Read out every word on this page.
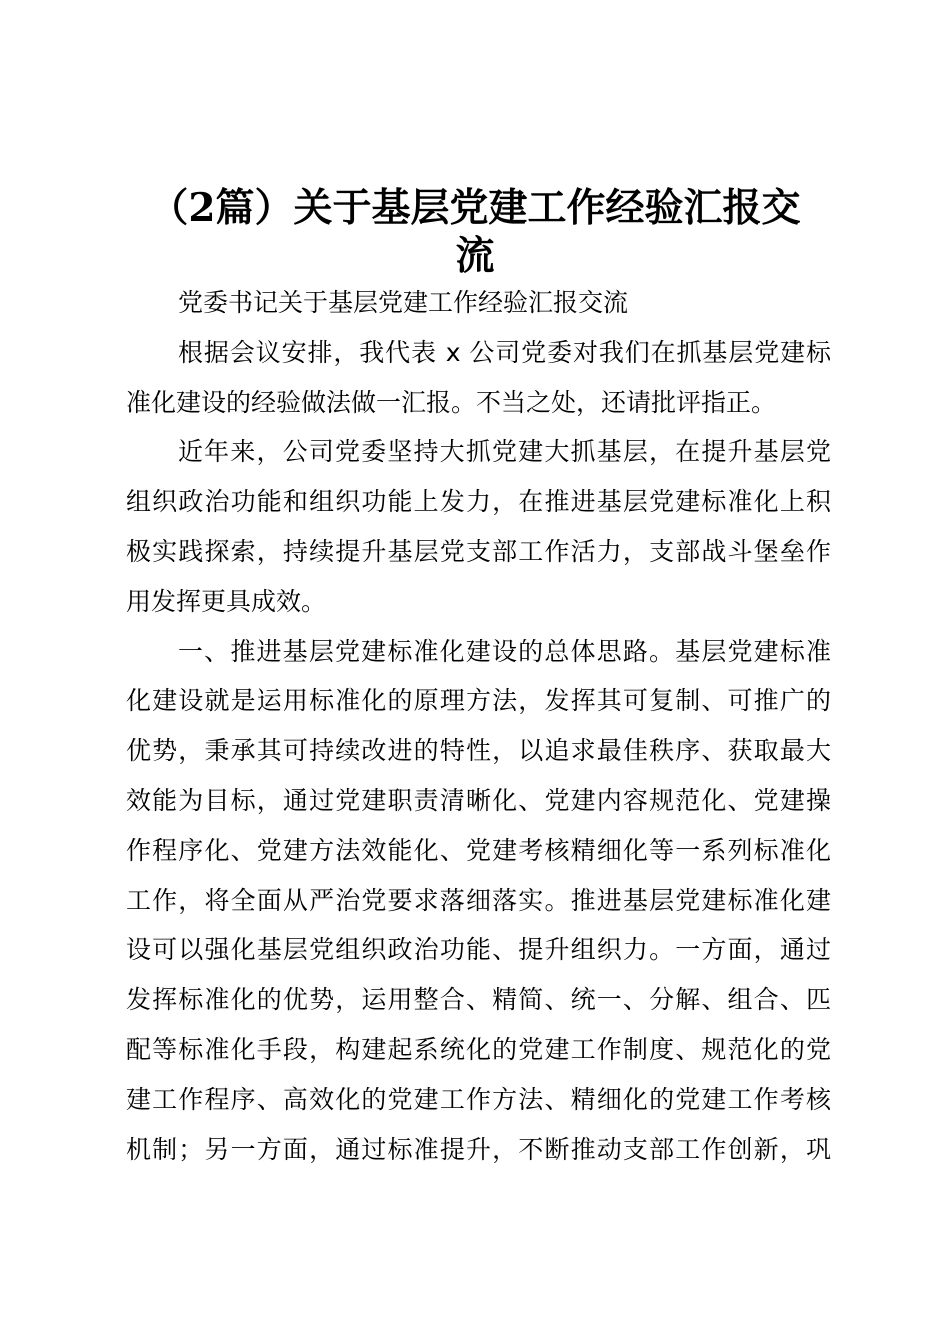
（2篇）关于基层党建工作经验汇报交
流
党委书记关于基层党建工作经验汇报交流
根据会议安排，我代表 x 公司党委对我们在抓基层党建标
准化建设的经验做法做一汇报。不当之处，还请批评指正。
近年来，公司党委坚持大抓党建大抓基层，在提升基层党
组织政治功能和组织功能上发力，在推进基层党建标准化上积
极实践探索，持续提升基层党支部工作活力，支部战斗堡垒作
用发挥更具成效。
一、推进基层党建标准化建设的总体思路。基层党建标准
化建设就是运用标准化的原理方法，发挥其可复制、可推广的
优势，秉承其可持续改进的特性，以追求最佳秩序、获取最大
效能为目标，通过党建职责清晰化、党建内容规范化、党建操
作程序化、党建方法效能化、党建考核精细化等一系列标准化
工作，将全面从严治党要求落细落实。推进基层党建标准化建
设可以强化基层党组织政治功能、提升组织力。一方面，通过
发挥标准化的优势，运用整合、精简、统一、分解、组合、匹
配等标准化手段，构建起系统化的党建工作制度、规范化的党
建工作程序、高效化的党建工作方法、精细化的党建工作考核
机制；另一方面，通过标准提升，不断推动支部工作创新，巩
